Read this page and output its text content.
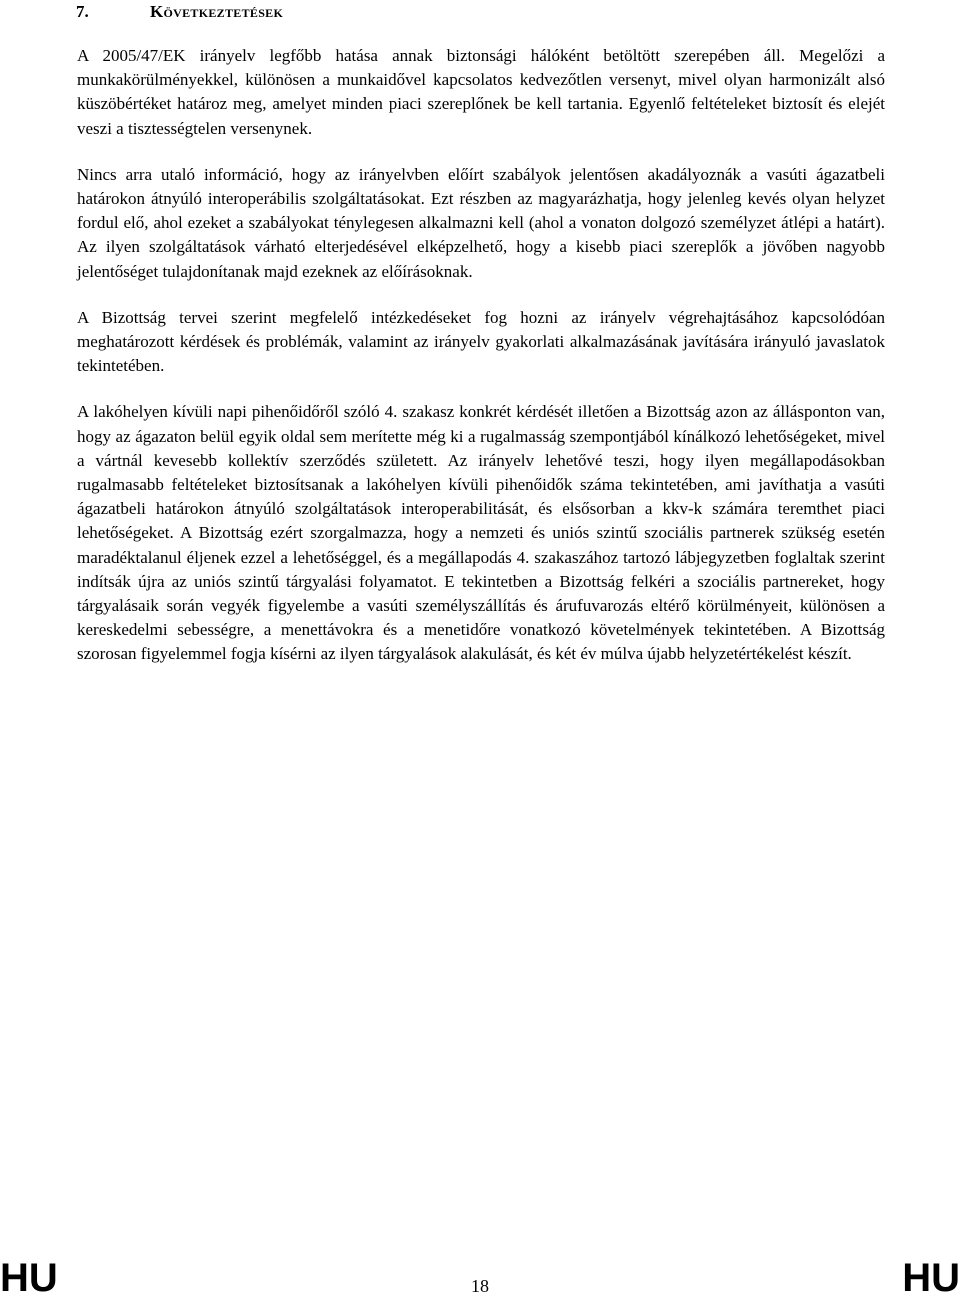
7.	Következtetések

A 2005/47/EK irányelv legfőbb hatása annak biztonsági hálóként betöltött szerepében áll. Megelőzi a munkakörülményekkel, különösen a munkaidővel kapcsolatos kedvezőtlen versenyt, mivel olyan harmonizált alsó küszöbértéket határoz meg, amelyet minden piaci szereplőnek be kell tartania. Egyenlő feltételeket biztosít és elejét veszi a tisztességtelen versenynek.

Nincs arra utaló információ, hogy az irányelvben előírt szabályok jelentősen akadályoznák a vasúti ágazatbeli határokon átnyúló interoperábilis szolgáltatásokat. Ezt részben az magyarázhatja, hogy jelenleg kevés olyan helyzet fordul elő, ahol ezeket a szabályokat ténylegesen alkalmazni kell (ahol a vonaton dolgozó személyzet átlépi a határt). Az ilyen szolgáltatások várható elterjedésével elképzelhető, hogy a kisebb piaci szereplők a jövőben nagyobb jelentőséget tulajdonítanak majd ezeknek az előírásoknak.

A Bizottság tervei szerint megfelelő intézkedéseket fog hozni az irányelv végrehajtásához kapcsolódóan meghatározott kérdések és problémák, valamint az irányelv gyakorlati alkalmazásának javítására irányuló javaslatok tekintetében.

A lakóhelyen kívüli napi pihenőidőről szóló 4. szakasz konkrét kérdését illetően a Bizottság azon az állásponton van, hogy az ágazaton belül egyik oldal sem merítette még ki a rugalmasság szempontjából kínálkozó lehetőségeket, mivel a vártnál kevesebb kollektív szerződés született. Az irányelv lehetővé teszi, hogy ilyen megállapodásokban rugalmasabb feltételeket biztosítsanak a lakóhelyen kívüli pihenőidők száma tekintetében, ami javíthatja a vasúti ágazatbeli határokon átnyúló szolgáltatások interoperabilitását, és elsősorban a kkv-k számára teremthet piaci lehetőségeket. A Bizottság ezért szorgalmazza, hogy a nemzeti és uniós szintű szociális partnerek szükség esetén maradéktalanul éljenek ezzel a lehetőséggel, és a megállapodás 4. szakaszához tartozó lábjegyzetben foglaltak szerint indítsák újra az uniós szintű tárgyalási folyamatot. E tekintetben a Bizottság felkéri a szociális partnereket, hogy tárgyalásaik során vegyék figyelembe a vasúti személyszállítás és árufuvarozás eltérő körülményeit, különösen a kereskedelmi sebességre, a menettávokra és a menetidőre vonatkozó követelmények tekintetében. A Bizottság szorosan figyelemmel fogja kísérni az ilyen tárgyalások alakulását, és két év múlva újabb helyzetértékelést készít.

HU	18	HU
